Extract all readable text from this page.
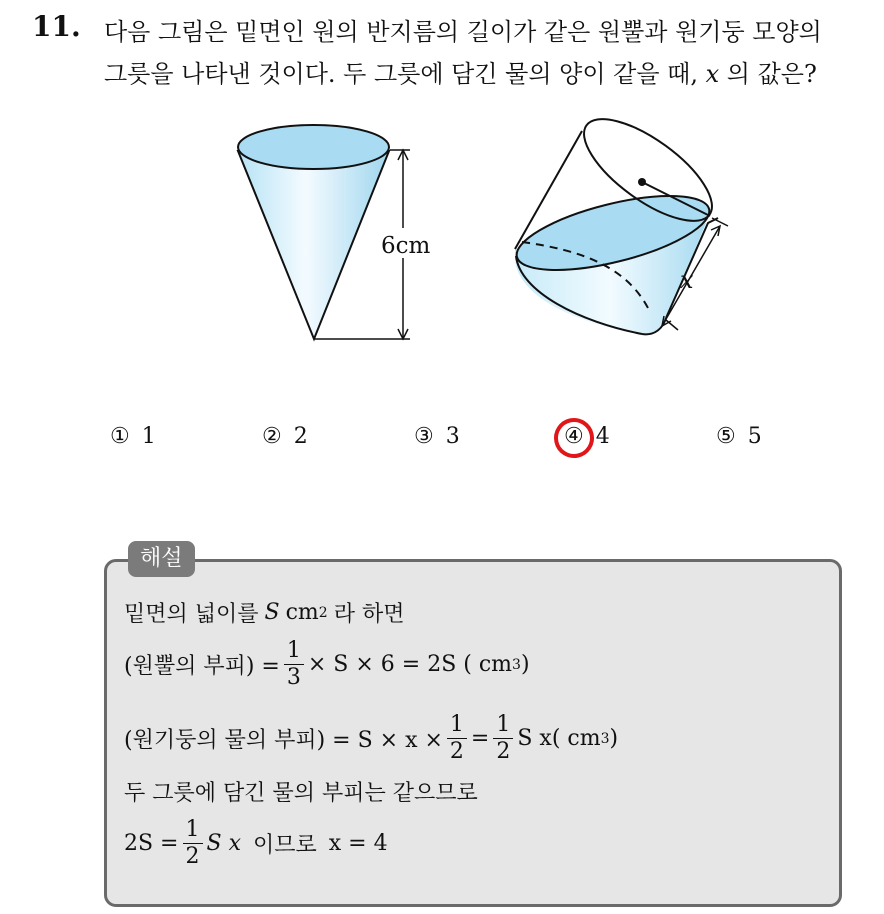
11. 다음 그림은 밑면인 원의 반지름의 길이가 같은 원뿔과 원기둥 모양의
그릇을 나타낸 것이다. 두 그릇에 담긴 물의 양이 같을 때, x 의 값은?
6cm
x
① 1	② 2	③ 3	④ 4	⑤ 5
해설
밑면의 넓이를 S cm 2 라 하면
(원뿔의 부피) = $\frac{1}{3} \times S \times 6 = 2S$ ( cm 3 )
(원기둥의 물의 부피) = $S \times x \times \frac{1}{2} = \frac{1}{2}$ S x( cm 3 )
두 그릇에 담긴 물의 부피는 같으므로
$2S = \frac{1}{2}$ S x 이므로 x = 4
